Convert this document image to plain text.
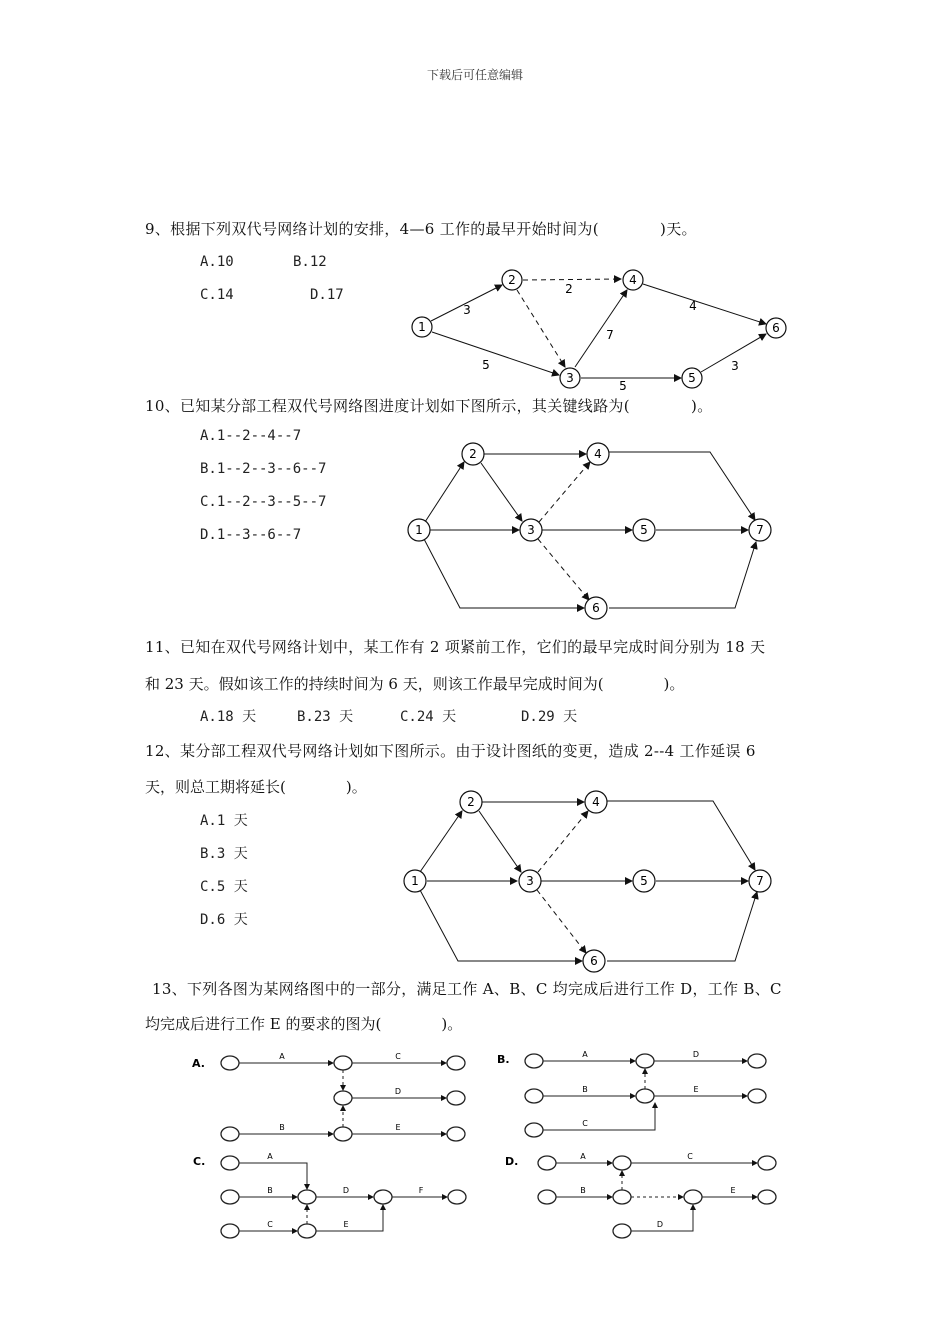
下载后可任意编辑
9、根据下列双代号网络计划的安排，4—6 工作的最早开始时间为(　　　　)天。
A.10	B.12
C.14	D.17
1
2
3
4
5
6
3
2
5
7
4
5
3
10、已知某分部工程双代号网络图进度计划如下图所示，其关键线路为(　　　　)。
A.1--2--4--7
B.1--2--3--6--7
C.1--2--3--5--7
D.1--3--6--7	1
2
3
4
5
6
7
11、已知在双代号网络计划中，某工作有 2 项紧前工作，它们的最早完成时间分别为 18 天
和 23 天。假如该工作的持续时间为 6 天，则该工作最早完成时间为(　　　　)。
A.18 天	B.23 天	C.24 天	D.29 天
12、某分部工程双代号网络计划如下图所示。由于设计图纸的变更，造成 2--4 工作延误 6
天，则总工期将延长(　　　　)。
A.1 天
B.3 天
C.5 天
D.6 天
1
2
3
4
5
6
7
13、下列各图为某网络图中的一部分，满足工作 A、B、C 均完成后进行工作 D，工作 B、C
均完成后进行工作 E 的要求的图为(　　　　)。
A.
A	C
D
B	E
B.	A	D
B	E
C
C.	A
B	D	F
C	E
D.	A	C
B	E
D
